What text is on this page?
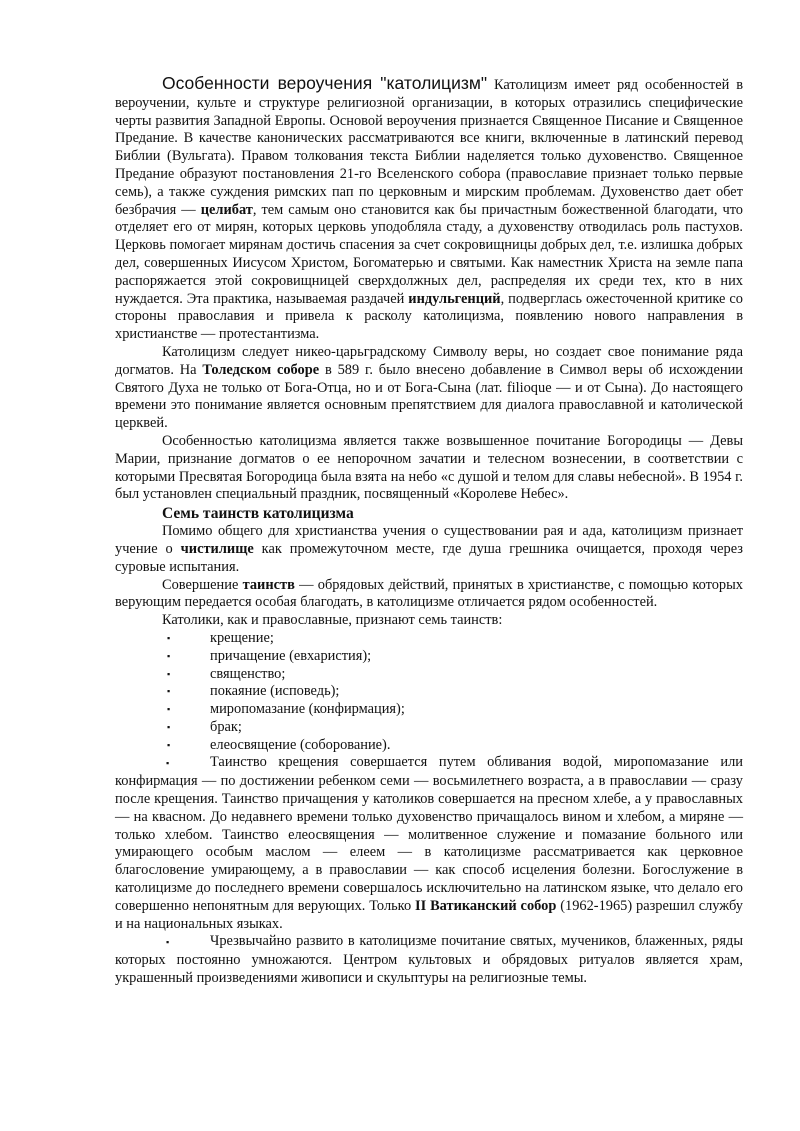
Особенности вероучения "католицизм" Католицизм имеет ряд особенностей в вероучении, культе и структуре религиозной организации, в которых отразились специфические черты развития Западной Европы. Основой вероучения признается Священное Писание и Священное Предание. В качестве канонических рассматриваются все книги, включенные в латинский перевод Библии (Вульгата). Правом толкования текста Библии наделяется только духовенство. Священное Предание образуют постановления 21-го Вселенского собора (православие признает только первые семь), а также суждения римских пап по церковным и мирским проблемам. Духовенство дает обет безбрачия — целибат, тем самым оно становится как бы причастным божественной благодати, что отделяет его от мирян, которых церковь уподобляла стаду, а духовенству отводилась роль пастухов. Церковь помогает мирянам достичь спасения за счет сокровищницы добрых дел, т.е. излишка добрых дел, совершенных Иисусом Христом, Богоматерью и святыми. Как наместник Христа на земле папа распоряжается этой сокровищницей сверхдолжных дел, распределяя их среди тех, кто в них нуждается. Эта практика, называемая раздачей индульгенций, подверглась ожесточенной критике со стороны православия и привела к расколу католицизма, появлению нового направления в христианстве — протестантизма.

Католицизм следует никео-царьградскому Символу веры, но создает свое понимание ряда догматов. На Толедском соборе в 589 г. было внесено добавление в Символ веры об исхождении Святого Духа не только от Бога-Отца, но и от Бога-Сына (лат. filioque — и от Сына). До настоящего времени это понимание является основным препятствием для диалога православной и католической церквей.

Особенностью католицизма является также возвышенное почитание Богородицы — Девы Марии, признание догматов о ее непорочном зачатии и телесном вознесении, в соответствии с которыми Пресвятая Богородица была взята на небо «с душой и телом для славы небесной». В 1954 г. был установлен специальный праздник, посвященный «Королеве Небес».

Семь таинств католицизма

Помимо общего для христианства учения о существовании рая и ада, католицизм признает учение о чистилище как промежуточном месте, где душа грешника очищается, проходя через суровые испытания.

Совершение таинств — обрядовых действий, принятых в христианстве, с помощью которых верующим передается особая благодать, в католицизме отличается рядом особенностей.

Католики, как и православные, признают семь таинств:

▪	крещение;
▪	причащение (евхаристия);
▪	священство;
▪	покаяние (исповедь);
▪	миропомазание (конфирмация);
▪	брак;
▪	елеосвящение (соборование).

▪	Таинство крещения совершается путем обливания водой, миропомазание или конфирмация — по достижении ребенком семи — восьмилетнего возраста, а в православии — сразу после крещения. Таинство причащения у католиков совершается на пресном хлебе, а у православных — на квасном. До недавнего времени только духовенство причащалось вином и хлебом, а миряне — только хлебом. Таинство елеосвящения — молитвенное служение и помазание больного или умирающего особым маслом — елеем — в католицизме рассматривается как церковное благословение умирающему, а в православии — как способ исцеления болезни. Богослужение в католицизме до последнего времени совершалось исключительно на латинском языке, что делало его совершенно непонятным для верующих. Только II Ватиканский собор (1962-1965) разрешил службу и на национальных языках.

▪	Чрезвычайно развито в католицизме почитание святых, мучеников, блаженных, ряды которых постоянно умножаются. Центром культовых и обрядовых ритуалов является храм, украшенный произведениями живописи и скульптуры на религиозные темы.
